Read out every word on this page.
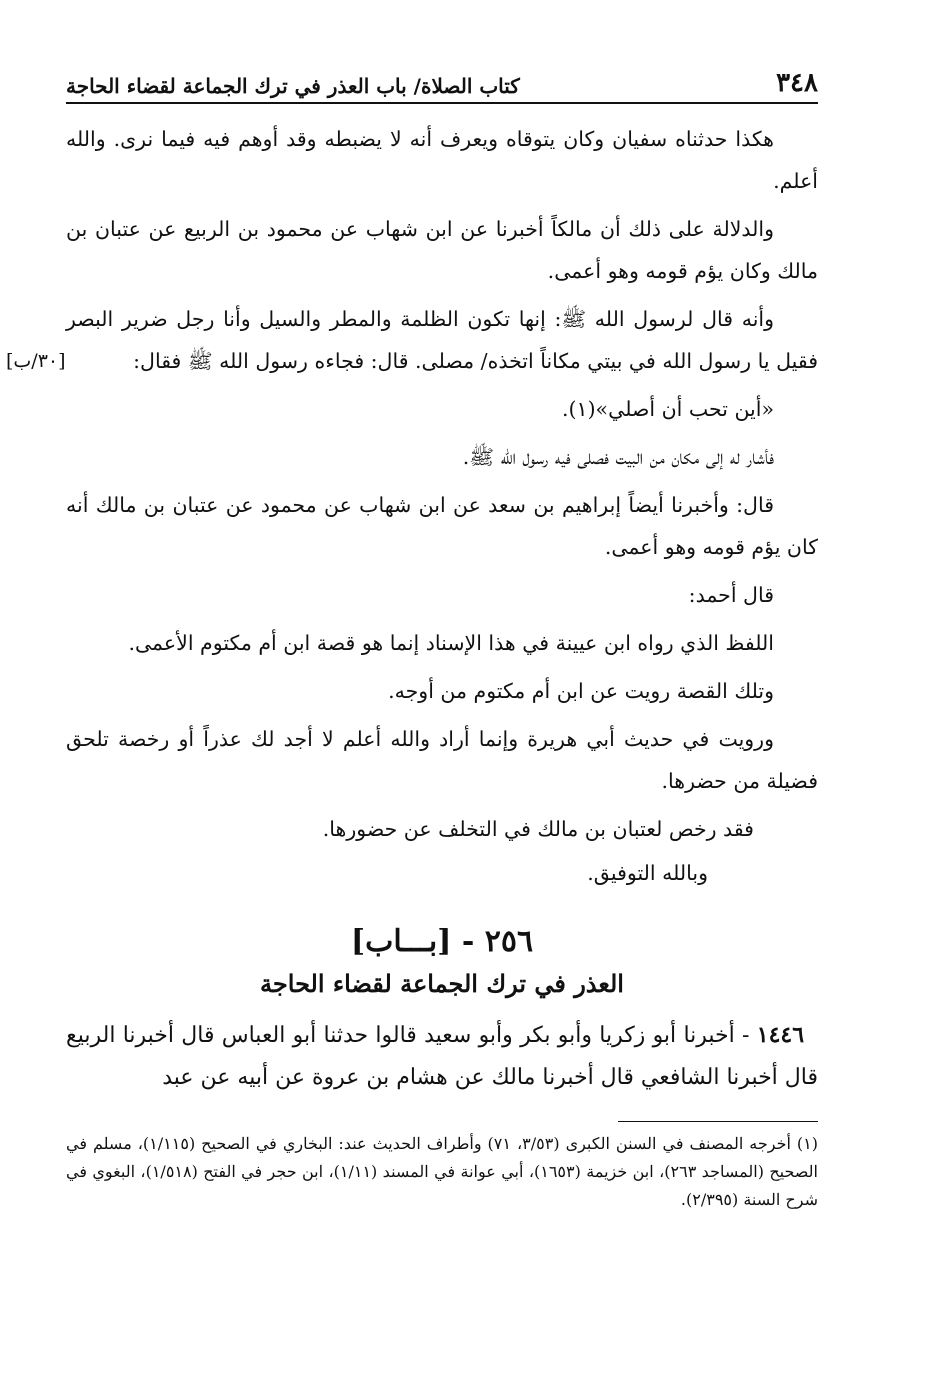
٣٤٨
كتاب الصلاة/ باب العذر في ترك الجماعة لقضاء الحاجة

هكذا حدثناه سفيان وكان يتوقاه ويعرف أنه لا يضبطه وقد أوهم فيه فيما نرى. والله أعلم.

والدلالة على ذلك أن مالكاً أخبرنا عن ابن شهاب عن محمود بن الربيع عن عتبان بن مالك وكان يؤم قومه وهو أعمى.

[٣٠/ب]

وأنه قال لرسول الله ﷺ: إنها تكون الظلمة والمطر والسيل وأنا رجل ضرير البصر فقيل يا رسول الله في بيتي مكاناً اتخذه/ مصلى. قال: فجاءه رسول الله ﷺ فقال:

«أين تحب أن أصلي»(١).

فأشار له إلى مكان من البيت فصلى فيه رسول الله ﷺ.

قال: وأخبرنا أيضاً إبراهيم بن سعد عن ابن شهاب عن محمود عن عتبان بن مالك أنه كان يؤم قومه وهو أعمى.

قال أحمد:

اللفظ الذي رواه ابن عيينة في هذا الإسناد إنما هو قصة ابن أم مكتوم الأعمى.

وتلك القصة رويت عن ابن أم مكتوم من أوجه.

ورويت في حديث أبي هريرة وإنما أراد والله أعلم لا أجد لك عذراً أو رخصة تلحق فضيلة من حضرها.

فقد رخص لعتبان بن مالك في التخلف عن حضورها.

وبالله التوفيق.

٢٥٦ - [بـــاب]
العذر في ترك الجماعة لقضاء الحاجة

١٤٤٦ - أخبرنا أبو زكريا وأبو بكر وأبو سعيد قالوا حدثنا أبو العباس قال أخبرنا الربيع قال أخبرنا الشافعي قال أخبرنا مالك عن هشام بن عروة عن أبيه عن عبد

(١) أخرجه المصنف في السنن الكبرى (٣/٥٣، ٧١) وأطراف الحديث عند: البخاري في الصحيح (١/١١٥)، مسلم في الصحيح (المساجد ٢٦٣)، ابن خزيمة (١٦٥٣)، أبي عوانة في المسند (١/١١)، ابن حجر في الفتح (١/٥١٨)، البغوي في شرح السنة (٢/٣٩٥).
